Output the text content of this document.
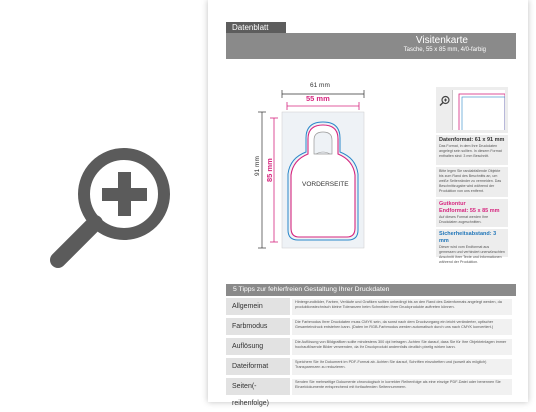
Datenblatt
Visitenkarte
Tasche, 55 x 85 mm, 4/0-farbig
61 mm
55 mm
91 mm 85 mm
VORDERSEITE
Datenformat: 61 x 91 mm
Das Format, in dem Ihre Druckdaten angelegt sein sollten. In diesem Format enthalten sind: 3 mm Beschnitt.
Bitte legen Sie randabfallende Objekte bis zum Rand des Beschnitts an, um weiße Seitenränder zu vermeiden. Das Beschnittzugabe wird während der Produktion von uns entfernt.
Gutkontur
Endformat: 55 x 85 mm
Auf dieses Format werden Ihre Druckdaten zugeschnitten.
Sicherheitsabstand: 3 mm
Dieser wird vom Endformat aus gemessen und verhindert unerwünschten Anschnitt Ihrer Texte und Informationen während der Produktion.
5 Tipps zur fehlerfreien Gestaltung Ihrer Druckdaten
Allgemein
Hintergrundbilder, Farben, Verläufe und Grafiken sollten unbedingt bis an den Rand des Datenformats angelegt werden, da produktionstechnisch kleine Toleranzen beim Schneiden Ihrer Druckprodukte auftreten können.
Farbmodus
Die Farbmodus Ihrer Druckdaten muss CMYK sein, da sonst nach dem Druckvorgang ein leicht veränderter, optischer Gesamteindruck entstehen kann. (Daten im RGB-Farbmodus werden automatisch durch uns nach CMYK konvertiert.)
Auflösung
Die Auflösung von Bildgrafiken sollte mindestens 300 dpi betragen. Achten Sie darauf, dass Sie für Ihre Objekteinlagen immer hochauflösende Bilder verwenden, da Ihr Druckprodukt andernfalls deutlich pixelig wirken kann.
Dateiformat
Speichern Sie Ihr Dokument im PDF-Format ab. Achten Sie darauf, Schriften einzubetten und (soweit als möglich) Transparenzen zu reduzieren.
Seiten(-reihenfolge)
Senden Sie mehrseitige Dokumente chronologisch in korrekter Reihenfolge als eine einzige PDF-Datei oder benennen Sie Einzeldokumente entsprechend mit fortlaufenden Seitennummern.
